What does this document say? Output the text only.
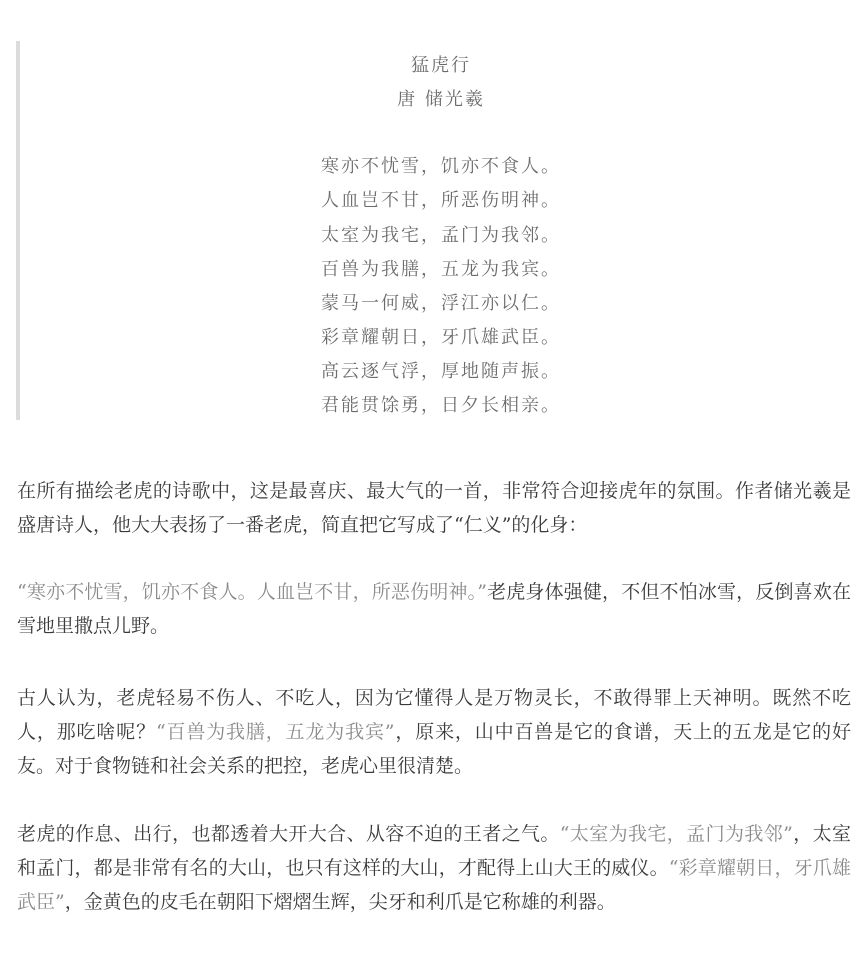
猛虎行
唐 储光羲
寒亦不忧雪，饥亦不食人。
人血岂不甘，所恶伤明神。
太室为我宅，孟门为我邻。
百兽为我膳，五龙为我宾。
蒙马一何威，浮江亦以仁。
彩章耀朝日，牙爪雄武臣。
高云逐气浮，厚地随声振。
君能贯馀勇，日夕长相亲。

在所有描绘老虎的诗歌中，这是最喜庆、最大气的一首，非常符合迎接虎年的氛围。作者储光羲是盛唐诗人，他大大表扬了一番老虎，简直把它写成了“仁义”的化身：

“寒亦不忧雪，饥亦不食人。人血岂不甘，所恶伤明神。”老虎身体强健，不但不怕冰雪，反倒喜欢在雪地里撒点儿野。

古人认为，老虎轻易不伤人、不吃人，因为它懂得人是万物灵长，不敢得罪上天神明。既然不吃人，那吃啥呢？“百兽为我膳，五龙为我宾”，原来，山中百兽是它的食谱，天上的五龙是它的好友。对于食物链和社会关系的把控，老虎心里很清楚。

老虎的作息、出行，也都透着大开大合、从容不迫的王者之气。“太室为我宅，孟门为我邻”，太室和孟门，都是非常有名的大山，也只有这样的大山，才配得上山大王的威仪。“彩章耀朝日，牙爪雄武臣”，金黄色的皮毛在朝阳下熠熠生辉，尖牙和利爪是它称雄的利器。
